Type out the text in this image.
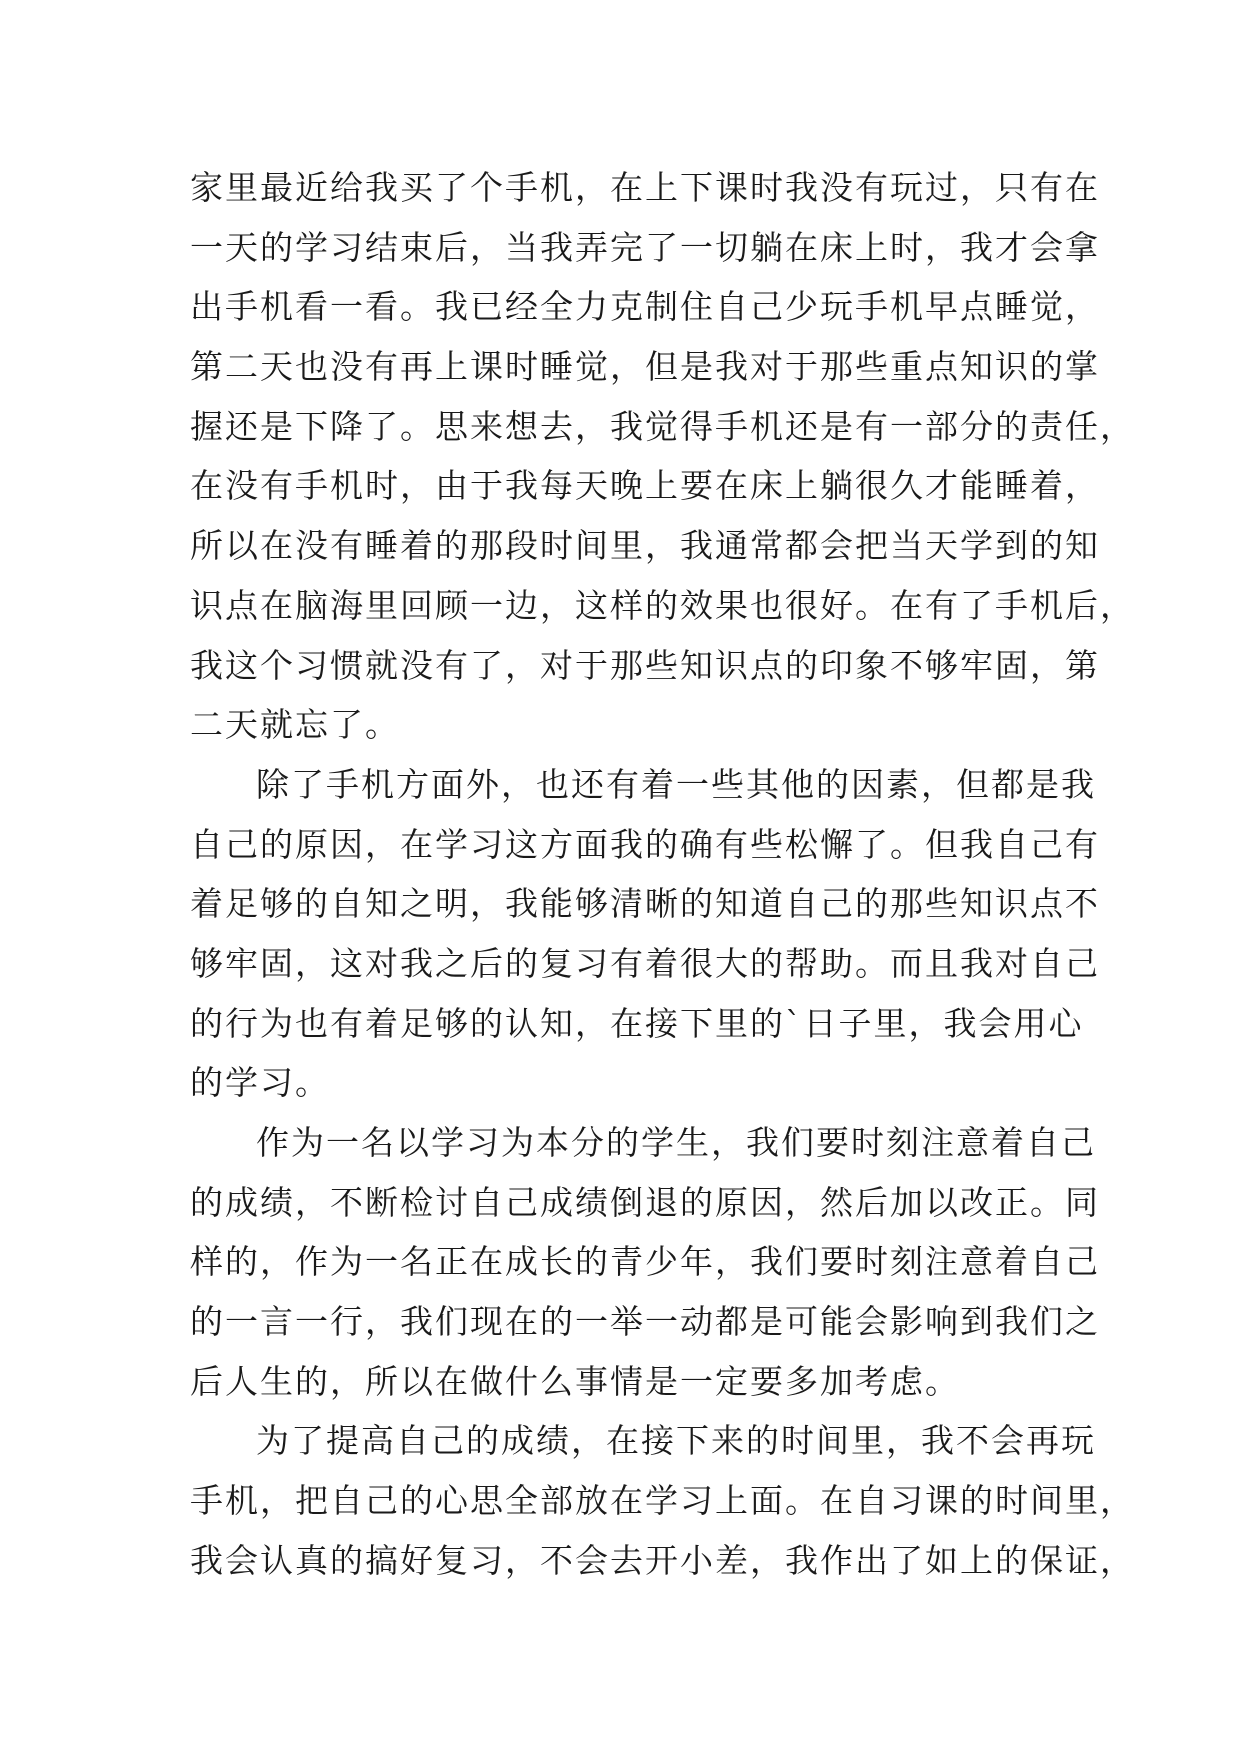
家里最近给我买了个手机，在上下课时我没有玩过，只有在
一天的学习结束后，当我弄完了一切躺在床上时，我才会拿
出手机看一看。我已经全力克制住自己少玩手机早点睡觉，
第二天也没有再上课时睡觉，但是我对于那些重点知识的掌
握还是下降了。思来想去，我觉得手机还是有一部分的责任，
在没有手机时，由于我每天晚上要在床上躺很久才能睡着，
所以在没有睡着的那段时间里，我通常都会把当天学到的知
识点在脑海里回顾一边，这样的效果也很好。在有了手机后，
我这个习惯就没有了，对于那些知识点的印象不够牢固，第
二天就忘了。
除了手机方面外，也还有着一些其他的因素，但都是我
自己的原因，在学习这方面我的确有些松懈了。但我自己有
着足够的自知之明，我能够清晰的知道自己的那些知识点不
够牢固，这对我之后的复习有着很大的帮助。而且我对自己
的行为也有着足够的认知，在接下里的`日子里，我会用心
的学习。
作为一名以学习为本分的学生，我们要时刻注意着自己
的成绩，不断检讨自己成绩倒退的原因，然后加以改正。同
样的，作为一名正在成长的青少年，我们要时刻注意着自己
的一言一行，我们现在的一举一动都是可能会影响到我们之
后人生的，所以在做什么事情是一定要多加考虑。
为了提高自己的成绩，在接下来的时间里，我不会再玩
手机，把自己的心思全部放在学习上面。在自习课的时间里，
我会认真的搞好复习，不会去开小差，我作出了如上的保证，
